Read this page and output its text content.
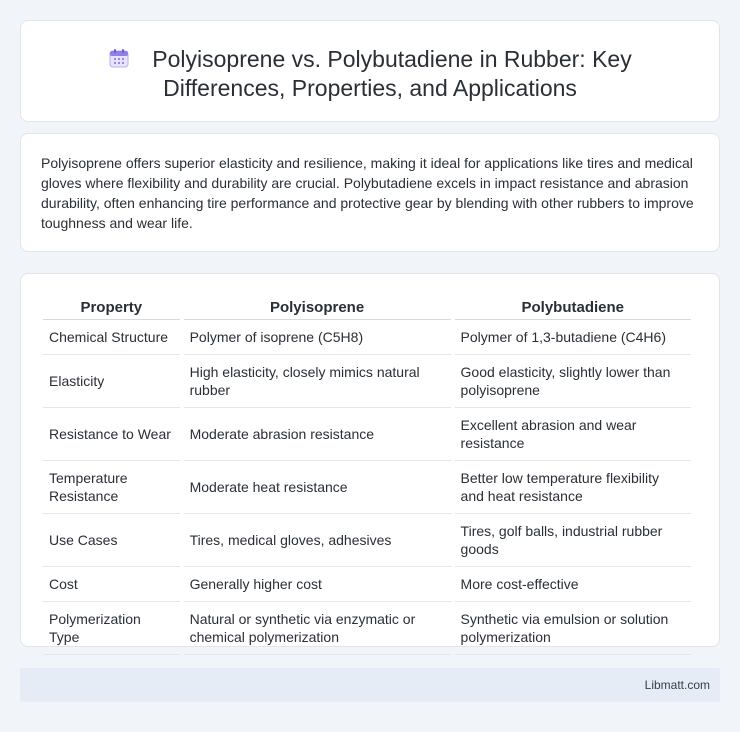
Polyisoprene vs. Polybutadiene in Rubber: Key
Differences, Properties, and Applications

Polyisoprene offers superior elasticity and resilience, making it ideal for applications like tires and medical gloves where flexibility and durability are crucial. Polybutadiene excels in impact resistance and abrasion durability, often enhancing tire performance and protective gear by blending with other rubbers to improve toughness and wear life.

Property	Polyisoprene	Polybutadiene
Chemical Structure	Polymer of isoprene (C5H8)	Polymer of 1,3-butadiene (C4H6)
Elasticity	High elasticity, closely mimics natural rubber	Good elasticity, slightly lower than polyisoprene
Resistance to Wear	Moderate abrasion resistance	Excellent abrasion and wear resistance
Temperature Resistance	Moderate heat resistance	Better low temperature flexibility and heat resistance
Use Cases	Tires, medical gloves, adhesives	Tires, golf balls, industrial rubber goods
Cost	Generally higher cost	More cost-effective
Polymerization Type	Natural or synthetic via enzymatic or chemical polymerization	Synthetic via emulsion or solution polymerization
Libmatt.com
